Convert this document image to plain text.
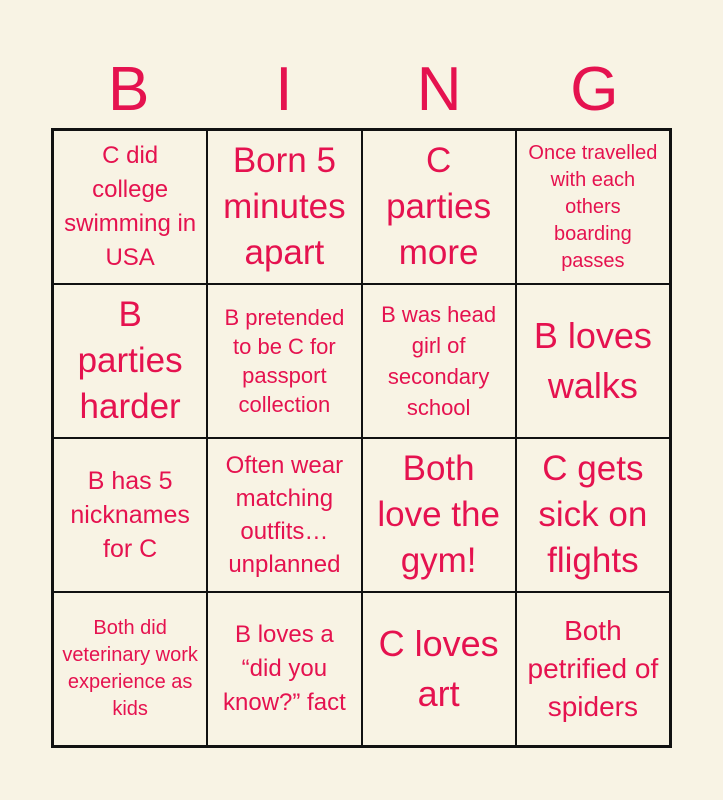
B	I	N	G
C did college swimming in USA
Born 5 minutes apart
C parties more
Once travelled with each others boarding passes
B parties harder
B pretended to be C for passport collection
B was head girl of secondary school
B loves walks
B has 5 nicknames for C
Often wear matching outfits… unplanned
Both love the gym!
C gets sick on flights
Both did veterinary work experience as kids
B loves a “did you know?” fact
C loves art
Both petrified of spiders
